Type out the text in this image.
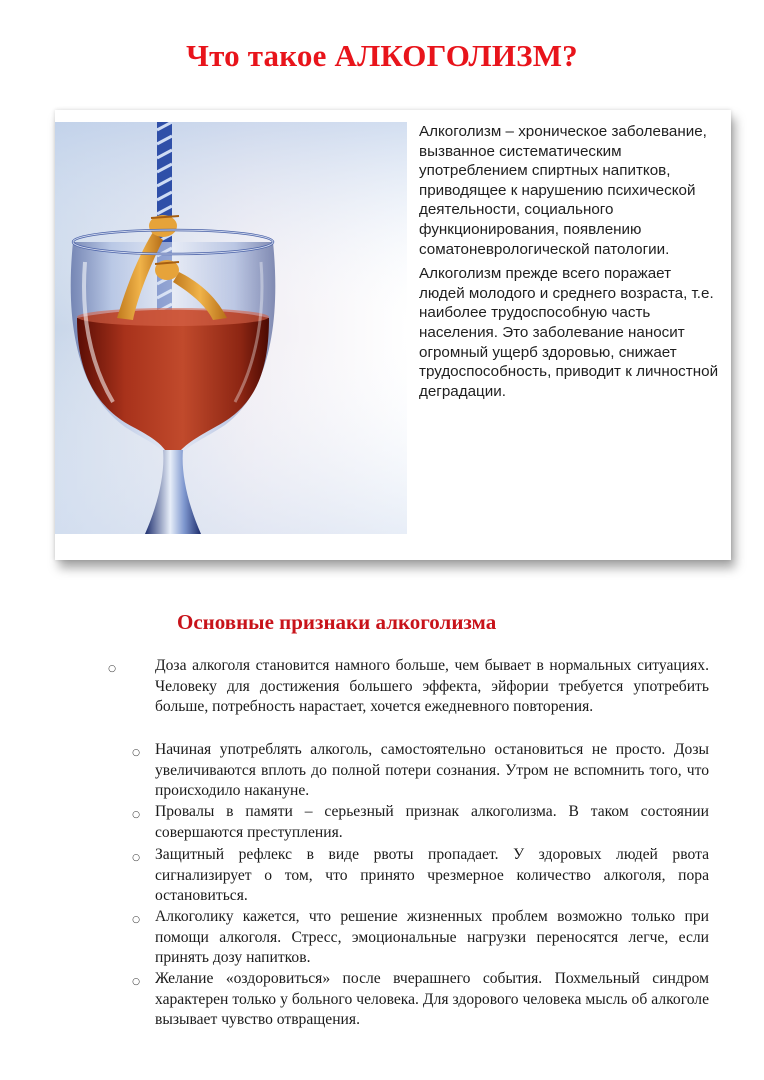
Что такое АЛКОГОЛИЗМ?

Алкоголизм – хроническое заболевание, вызванное систематическим употреблением спиртных напитков, приводящее к нарушению психической деятельности, социального функционирования, появлению соматоневрологической патологии.

Алкоголизм прежде всего поражает людей молодого и среднего возраста, т.е. наиболее трудоспособную часть населения. Это заболевание наносит огромный ущерб здоровью, снижает трудоспособность, приводит к личностной деградации.

Основные признаки алкоголизма
○	Доза алкоголя становится намного больше, чем бывает в нормальных ситуациях. Человеку для достижения большего эффекта, эйфории требуется употребить больше, потребность нарастает, хочется ежедневного повторения.
○ Начиная употреблять алкоголь, самостоятельно остановиться не просто. Дозы увеличиваются вплоть до полной потери сознания. Утром не вспомнить того, что происходило накануне.
○ Провалы в памяти – серьезный признак алкоголизма. В таком состоянии совершаются преступления.
○ Защитный рефлекс в виде рвоты пропадает. У здоровых людей рвота сигнализирует о том, что принято чрезмерное количество алкоголя, пора остановиться.
○ Алкоголику кажется, что решение жизненных проблем возможно только при помощи алкоголя. Стресс, эмоциональные нагрузки переносятся легче, если принять дозу напитков.
○ Желание «оздоровиться» после вчерашнего события. Похмельный синдром характерен только у больного человека. Для здорового человека мысль об алкоголе вызывает чувство отвращения.
